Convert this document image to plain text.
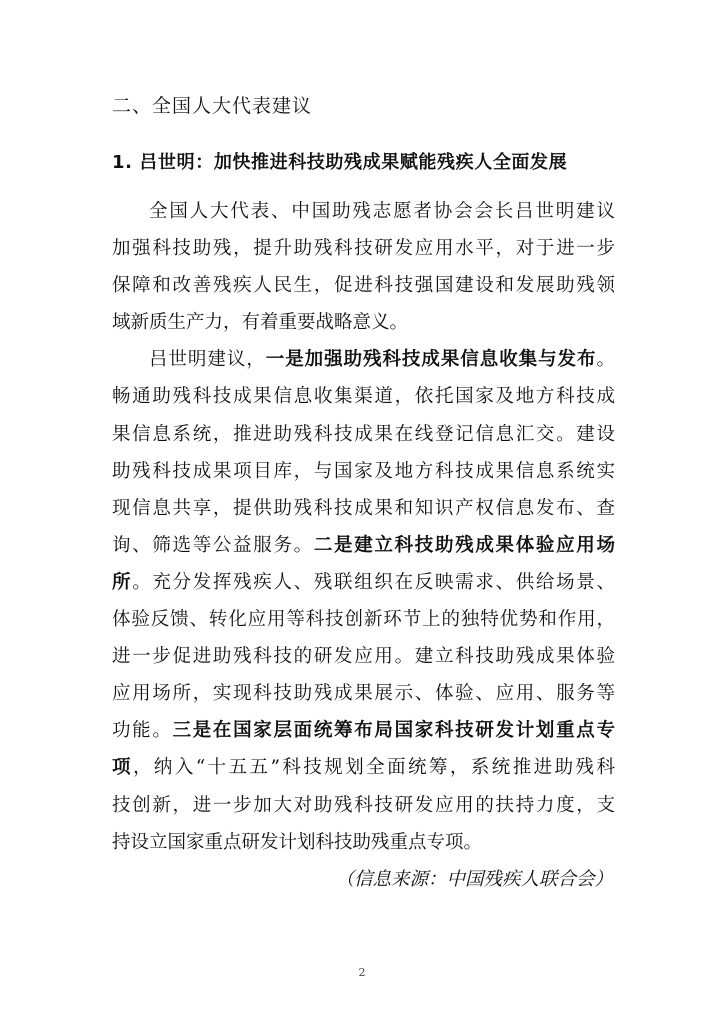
二、全国人大代表建议
1. 吕世明：加快推进科技助残成果赋能残疾人全面发展
全国人大代表、中国助残志愿者协会会长吕世明建议
加强科技助残，提升助残科技研发应用水平，对于进一步
保障和改善残疾人民生，促进科技强国建设和发展助残领
域新质生产力，有着重要战略意义。
吕世明建议，一是加强助残科技成果信息收集与发布。
畅通助残科技成果信息收集渠道，依托国家及地方科技成
果信息系统，推进助残科技成果在线登记信息汇交。建设
助残科技成果项目库，与国家及地方科技成果信息系统实
现信息共享，提供助残科技成果和知识产权信息发布、查
询、筛选等公益服务。二是建立科技助残成果体验应用场
所。充分发挥残疾人、残联组织在反映需求、供给场景、
体验反馈、转化应用等科技创新环节上的独特优势和作用，
进一步促进助残科技的研发应用。建立科技助残成果体验
应用场所，实现科技助残成果展示、体验、应用、服务等
功能。三是在国家层面统筹布局国家科技研发计划重点专
项，纳入“十五五”科技规划全面统筹，系统推进助残科
技创新，进一步加大对助残科技研发应用的扶持力度，支
持设立国家重点研发计划科技助残重点专项。
（信息来源：中国残疾人联合会）
2
